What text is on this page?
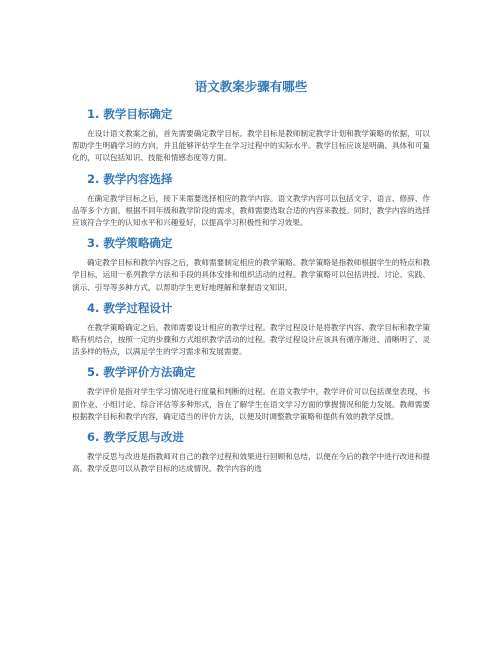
语文教案步骤有哪些
1. 教学目标确定

在设计语文教案之前，首先需要确定教学目标。教学目标是教师制定教学计划和教学策略的依据，可以帮助学生明确学习的方向，并且能够评估学生在学习过程中的实际水平。教学目标应该是明确、具体和可量化的，可以包括知识、技能和情感态度等方面。

2. 教学内容选择

在确定教学目标之后，接下来需要选择相应的教学内容。语文教学内容可以包括文字、语言、修辞、作品等多个方面，根据不同年级和教学阶段的需求，教师需要选取合适的内容来教授。同时，教学内容的选择应该符合学生的认知水平和兴趣爱好，以提高学习积极性和学习效果。

3. 教学策略确定

确定教学目标和教学内容之后，教师需要制定相应的教学策略。教学策略是指教师根据学生的特点和教学目标，运用一系列教学方法和手段的具体安排和组织活动的过程。教学策略可以包括讲授、讨论、实践、演示、引导等多种方式，以帮助学生更好地理解和掌握语文知识。

4. 教学过程设计

在教学策略确定之后，教师需要设计相应的教学过程。教学过程设计是将教学内容、教学目标和教学策略有机结合，按照一定的步骤和方式组织教学活动的过程。教学过程设计应该具有循序渐进、清晰明了、灵活多样的特点，以满足学生的学习需求和发展需要。

5. 教学评价方法确定

教学评价是指对学生学习情况进行度量和判断的过程。在语文教学中，教学评价可以包括课堂表现、书面作业、小组讨论、综合评估等多种形式，旨在了解学生在语文学习方面的掌握情况和能力发展。教师需要根据教学目标和教学内容，确定适当的评价方法，以便及时调整教学策略和提供有效的教学反馈。

6. 教学反思与改进

教学反思与改进是指教师对自己的教学过程和效果进行回顾和总结，以便在今后的教学中进行改进和提高。教学反思可以从教学目标的达成情况、教学内容的选
